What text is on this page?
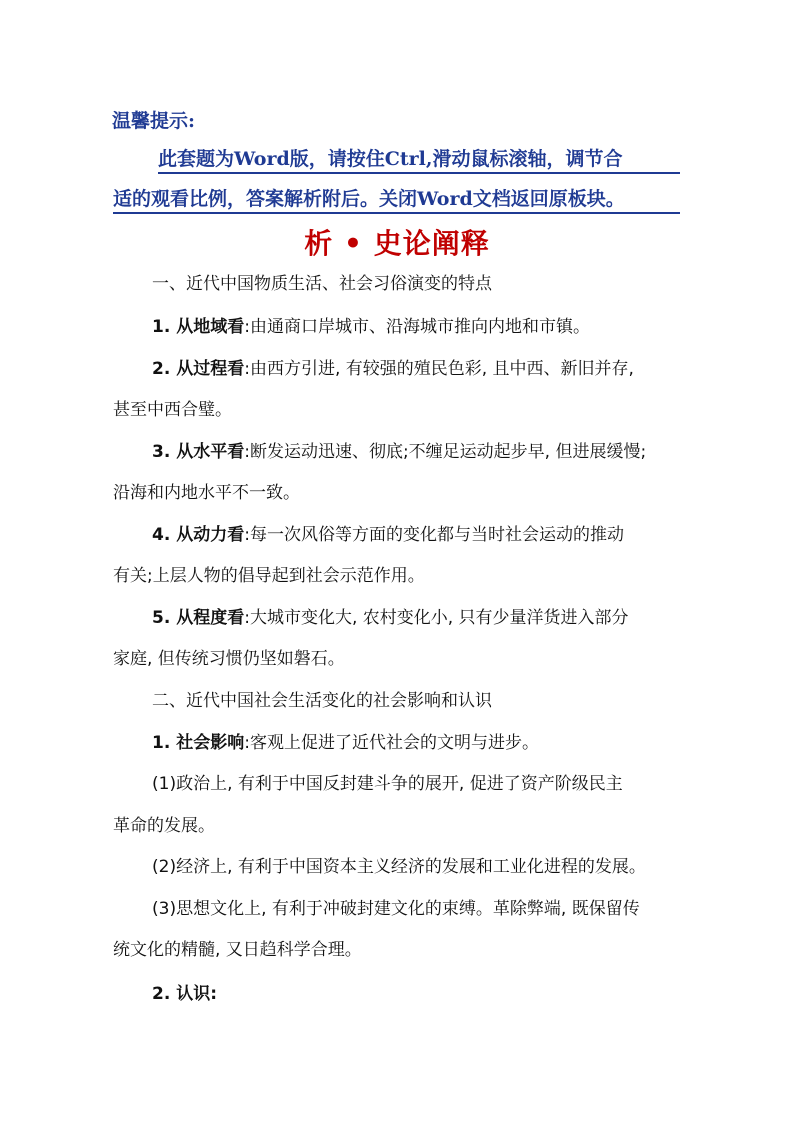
温馨提示:
此套题为Word版，请按住Ctrl,滑动鼠标滚轴，调节合
适的观看比例，答案解析附后。关闭Word文档返回原板块。
析 • 史论阐释
一、近代中国物质生活、社会习俗演变的特点
1. 从地域看:由通商口岸城市、沿海城市推向内地和市镇。
2. 从过程看:由西方引进, 有较强的殖民色彩, 且中西、新旧并存,
甚至中西合璧。
3. 从水平看:断发运动迅速、彻底;不缠足运动起步早, 但进展缓慢;
沿海和内地水平不一致。
4. 从动力看:每一次风俗等方面的变化都与当时社会运动的推动
有关;上层人物的倡导起到社会示范作用。
5. 从程度看:大城市变化大, 农村变化小, 只有少量洋货进入部分
家庭, 但传统习惯仍坚如磐石。
二、近代中国社会生活变化的社会影响和认识
1. 社会影响:客观上促进了近代社会的文明与进步。
(1)政治上, 有利于中国反封建斗争的展开, 促进了资产阶级民主
革命的发展。
(2)经济上, 有利于中国资本主义经济的发展和工业化进程的发展。
(3)思想文化上, 有利于冲破封建文化的束缚。革除弊端, 既保留传
统文化的精髓, 又日趋科学合理。
2. 认识:
